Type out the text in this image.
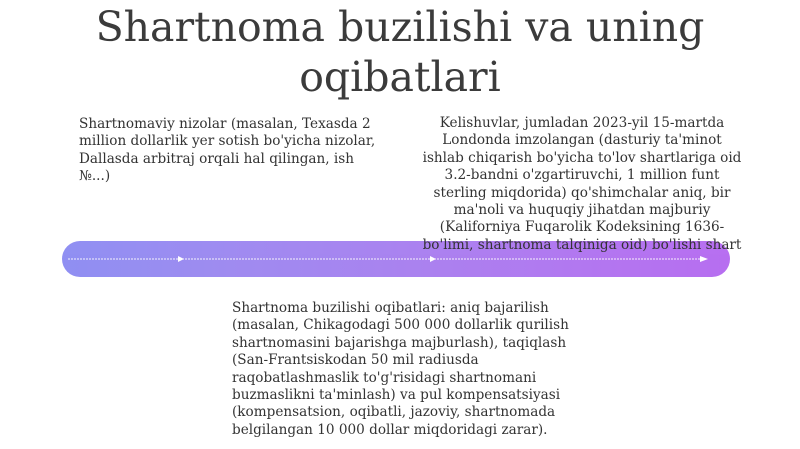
Shartnoma buzilishi va uning oqibatlari
Shartnomaviy nizolar (masalan, Texasda 2 million dollarlik yer sotish bo'yicha nizolar, Dallasda arbitraj orqali hal qilingan, ish №...)
Kelishuvlar, jumladan 2023-yil 15-martda Londonda imzolangan (dasturiy ta'minot ishlab chiqarish bo'yicha to'lov shartlariga oid 3.2-bandni o'zgartiruvchi, 1 million funt sterling miqdorida) qo'shimchalar aniq, bir ma'noli va huquqiy jihatdan majburiy (Kaliforniya Fuqarolik Kodeksining 1636-bo'limi, shartnoma talqiniga oid) bo'lishi shart
Shartnoma buzilishi oqibatlari: aniq bajarilish (masalan, Chikagodagi 500 000 dollarlik qurilish shartnomasini bajarishga majburlash), taqiqlash (San-Frantsiskodan 50 mil radiusda raqobatlashmaslik to'g'risidagi shartnomani buzmaslikni ta'minlash) va pul kompensatsiyasi (kompensatsion, oqibatli, jazoviy, shartnomada belgilangan 10 000 dollar miqdoridagi zarar).
